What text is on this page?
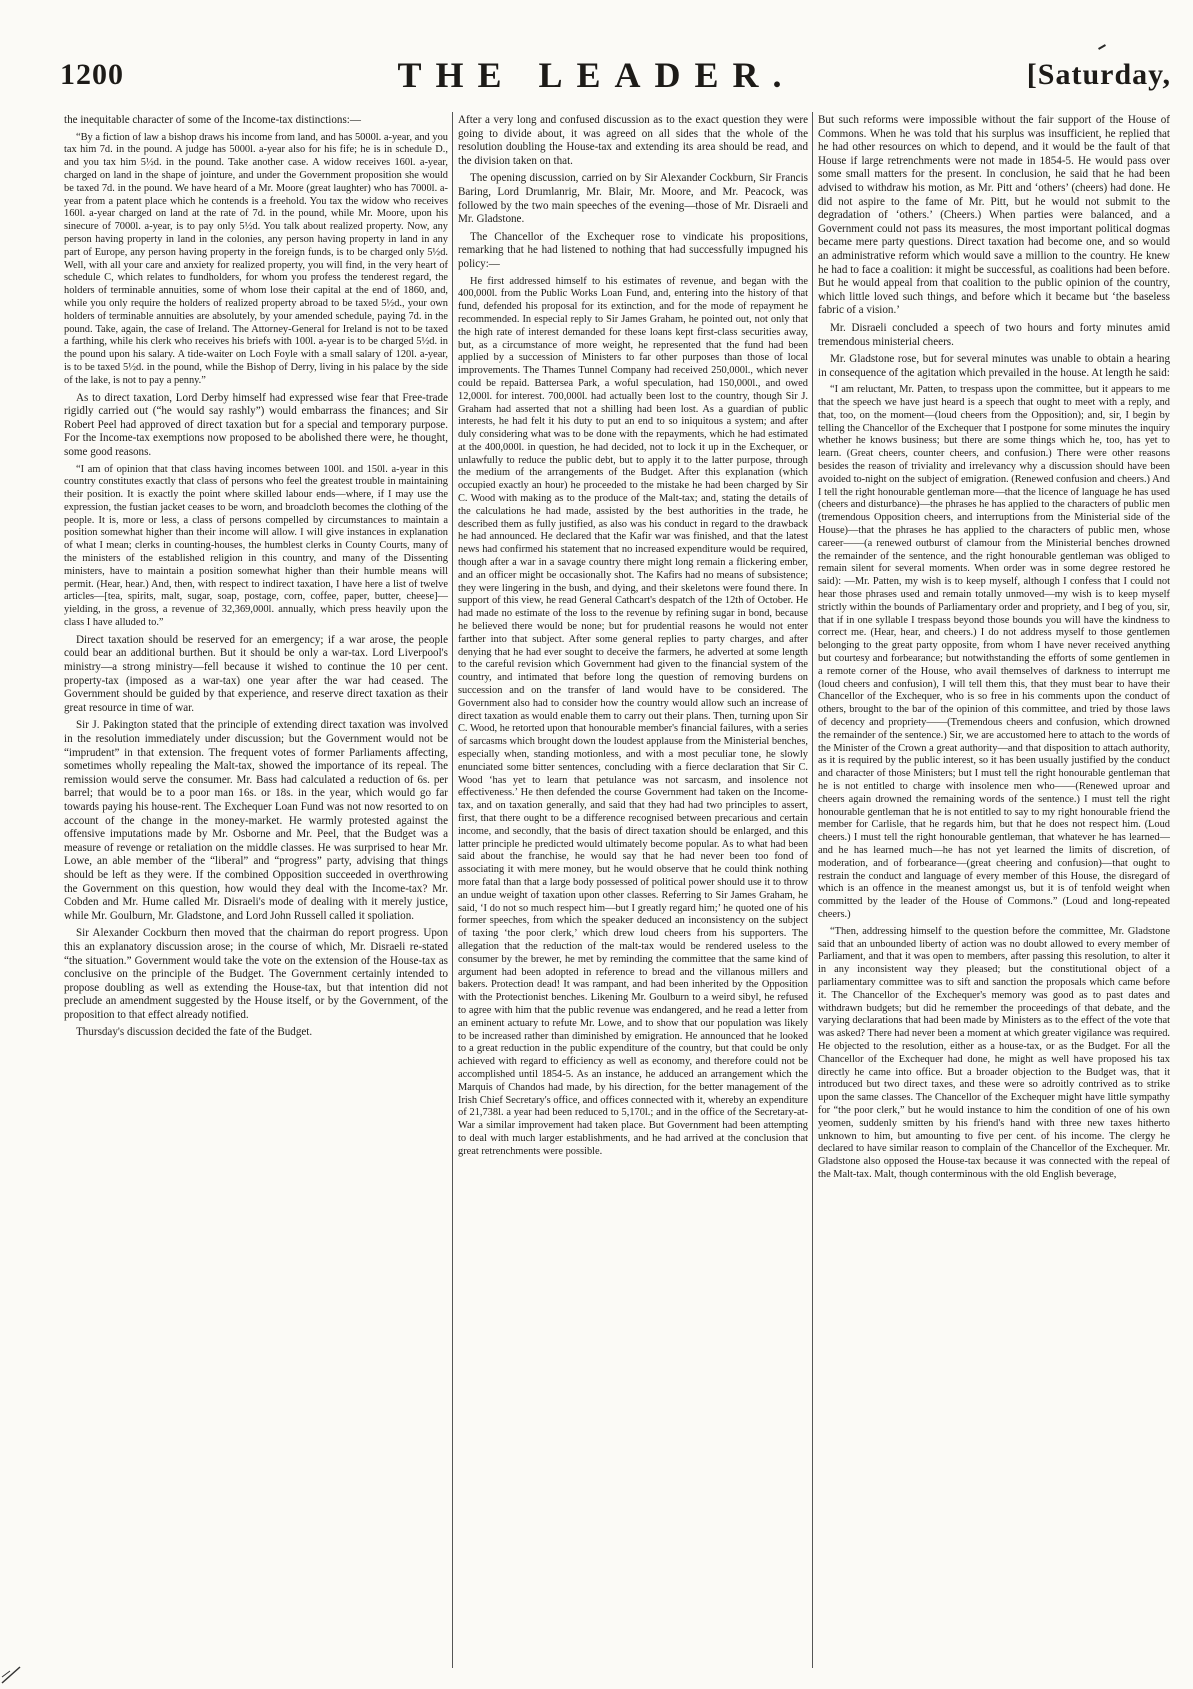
1200	THE LEADER.	[Saturday,

the inequitable character of some of the Income-tax distinctions:—

“By a fiction of law a bishop draws his income from land, and has 5000l. a-year, and you tax him 7d. in the pound. A judge has 5000l. a-year also for his fife; he is in schedule D., and you tax him 5½d. in the pound. Take another case. A widow receives 160l. a-year, charged on land in the shape of jointure, and under the Government proposition she would be taxed 7d. in the pound. We have heard of a Mr. Moore (great laughter) who has 7000l. a-year from a patent place which he contends is a freehold. You tax the widow who receives 160l. a-year charged on land at the rate of 7d. in the pound, while Mr. Moore, upon his sinecure of 7000l. a-year, is to pay only 5½d. You talk about realized property. Now, any person having property in land in the colonies, any person having property in land in any part of Europe, any person having property in the foreign funds, is to be charged only 5½d. Well, with all your care and anxiety for realized property, you will find, in the very heart of schedule C, which relates to fundholders, for whom you profess the tenderest regard, the holders of terminable annuities, some of whom lose their capital at the end of 1860, and, while you only require the holders of realized property abroad to be taxed 5½d., your own holders of terminable annuities are absolutely, by your amended schedule, paying 7d. in the pound. Take, again, the case of Ireland. The Attorney-General for Ireland is not to be taxed a farthing, while his clerk who receives his briefs with 100l. a-year is to be charged 5½d. in the pound upon his salary. A tide-waiter on Loch Foyle with a small salary of 120l. a-year, is to be taxed 5½d. in the pound, while the Bishop of Derry, living in his palace by the side of the lake, is not to pay a penny.”

As to direct taxation, Lord Derby himself had expressed wise fear that Free-trade rigidly carried out (“he would say rashly”) would embarrass the finances; and Sir Robert Peel had approved of direct taxation but for a special and temporary purpose. For the Income-tax exemptions now proposed to be abolished there were, he thought, some good reasons.

“I am of opinion that that class having incomes between 100l. and 150l. a-year in this country constitutes exactly that class of persons who feel the greatest trouble in maintaining their position. It is exactly the point where skilled labour ends—where, if I may use the expression, the fustian jacket ceases to be worn, and broadcloth becomes the clothing of the people. It is, more or less, a class of persons compelled by circumstances to maintain a position somewhat higher than their income will allow. I will give instances in explanation of what I mean; clerks in counting-houses, the humblest clerks in County Courts, many of the ministers of the established religion in this country, and many of the Dissenting ministers, have to maintain a position somewhat higher than their humble means will permit. (Hear, hear.) And, then, with respect to indirect taxation, I have here a list of twelve articles—[tea, spirits, malt, sugar, soap, postage, corn, coffee, paper, butter, cheese]—yielding, in the gross, a revenue of 32,369,000l. annually, which press heavily upon the class I have alluded to.”

Direct taxation should be reserved for an emergency; if a war arose, the people could bear an additional burthen. But it should be only a war-tax. Lord Liverpool's ministry—a strong ministry—fell because it wished to continue the 10 per cent. property-tax (imposed as a war-tax) one year after the war had ceased. The Government should be guided by that experience, and reserve direct taxation as their great resource in time of war.

Sir J. Pakington stated that the principle of extending direct taxation was involved in the resolution immediately under discussion; but the Government would not be “imprudent” in that extension. The frequent votes of former Parliaments affecting, sometimes wholly repealing the Malt-tax, showed the importance of its repeal. The remission would serve the consumer. Mr. Bass had calculated a reduction of 6s. per barrel; that would be to a poor man 16s. or 18s. in the year, which would go far towards paying his house-rent. The Exchequer Loan Fund was not now resorted to on account of the change in the money-market. He warmly protested against the offensive imputations made by Mr. Osborne and Mr. Peel, that the Budget was a measure of revenge or retaliation on the middle classes. He was surprised to hear Mr. Lowe, an able member of the “liberal” and “progress” party, advising that things should be left as they were. If the combined Opposition succeeded in overthrowing the Government on this question, how would they deal with the Income-tax? Mr. Cobden and Mr. Hume called Mr. Disraeli's mode of dealing with it merely justice, while Mr. Goulburn, Mr. Gladstone, and Lord John Russell called it spoliation.

Sir Alexander Cockburn then moved that the chairman do report progress. Upon this an explanatory discussion arose; in the course of which, Mr. Disraeli re-stated “the situation.” Government would take the vote on the extension of the House-tax as conclusive on the principle of the Budget. The Government certainly intended to propose doubling as well as extending the House-tax, but that intention did not preclude an amendment suggested by the House itself, or by the Government, of the proposition to that effect already notified.

Thursday's discussion decided the fate of the Budget.

After a very long and confused discussion as to the exact question they were going to divide about, it was agreed on all sides that the whole of the resolution doubling the House-tax and extending its area should be read, and the division taken on that.

The opening discussion, carried on by Sir Alexander Cockburn, Sir Francis Baring, Lord Drumlanrig, Mr. Blair, Mr. Moore, and Mr. Peacock, was followed by the two main speeches of the evening—those of Mr. Disraeli and Mr. Gladstone.

The Chancellor of the Exchequer rose to vindicate his propositions, remarking that he had listened to nothing that had successfully impugned his policy:—

He first addressed himself to his estimates of revenue, and began with the 400,000l. from the Public Works Loan Fund, and, entering into the history of that fund, defended his proposal for its extinction, and for the mode of repayment he recommended. In especial reply to Sir James Graham, he pointed out, not only that the high rate of interest demanded for these loans kept first-class securities away, but, as a circumstance of more weight, he represented that the fund had been applied by a succession of Ministers to far other purposes than those of local improvements. The Thames Tunnel Company had received 250,000l., which never could be repaid. Battersea Park, a woful speculation, had 150,000l., and owed 12,000l. for interest. 700,000l. had actually been lost to the country, though Sir J. Graham had asserted that not a shilling had been lost. As a guardian of public interests, he had felt it his duty to put an end to so iniquitous a system; and after duly considering what was to be done with the repayments, which he had estimated at the 400,000l. in question, he had decided, not to lock it up in the Exchequer, or unlawfully to reduce the public debt, but to apply it to the latter purpose, through the medium of the arrangements of the Budget. After this explanation (which occupied exactly an hour) he proceeded to the mistake he had been charged by Sir C. Wood with making as to the produce of the Malt-tax; and, stating the details of the calculations he had made, assisted by the best authorities in the trade, he described them as fully justified, as also was his conduct in regard to the drawback he had announced. He declared that the Kafir war was finished, and that the latest news had confirmed his statement that no increased expenditure would be required, though after a war in a savage country there might long remain a flickering ember, and an officer might be occasionally shot. The Kafirs had no means of subsistence; they were lingering in the bush, and dying, and their skeletons were found there. In support of this view, he read General Cathcart's despatch of the 12th of October. He had made no estimate of the loss to the revenue by refining sugar in bond, because he believed there would be none; but for prudential reasons he would not enter farther into that subject. After some general replies to party charges, and after denying that he had ever sought to deceive the farmers, he adverted at some length to the careful revision which Government had given to the financial system of the country, and intimated that before long the question of removing burdens on succession and on the transfer of land would have to be considered. The Government also had to consider how the country would allow such an increase of direct taxation as would enable them to carry out their plans. Then, turning upon Sir C. Wood, he retorted upon that honourable member's financial failures, with a series of sarcasms which brought down the loudest applause from the Ministerial benches, especially when, standing motionless, and with a most peculiar tone, he slowly enunciated some bitter sentences, concluding with a fierce declaration that Sir C. Wood ‘has yet to learn that petulance was not sarcasm, and insolence not effectiveness.’ He then defended the course Government had taken on the Income-tax, and on taxation generally, and said that they had had two principles to assert, first, that there ought to be a difference recognised between precarious and certain income, and secondly, that the basis of direct taxation should be enlarged, and this latter principle he predicted would ultimately become popular. As to what had been said about the franchise, he would say that he had never been too fond of associating it with mere money, but he would observe that he could think nothing more fatal than that a large body possessed of political power should use it to throw an undue weight of taxation upon other classes. Referring to Sir James Graham, he said, ‘I do not so much respect him—but I greatly regard him;’ he quoted one of his former speeches, from which the speaker deduced an inconsistency on the subject of taxing ‘the poor clerk,’ which drew loud cheers from his supporters. The allegation that the reduction of the malt-tax would be rendered useless to the consumer by the brewer, he met by reminding the committee that the same kind of argument had been adopted in reference to bread and the villanous millers and bakers. Protection dead! It was rampant, and had been inherited by the Opposition with the Protectionist benches. Likening Mr. Goulburn to a weird sibyl, he refused to agree with him that the public revenue was endangered, and he read a letter from an eminent actuary to refute Mr. Lowe, and to show that our population was likely to be increased rather than diminished by emigration. He announced that he looked to a great reduction in the public expenditure of the country, but that could be only achieved with regard to efficiency as well as economy, and therefore could not be accomplished until 1854-5. As an instance, he adduced an arrangement which the Marquis of Chandos had made, by his direction, for the better management of the Irish Chief Secretary's office, and offices connected with it, whereby an expenditure of 21,738l. a year had been reduced to 5,170l.; and in the office of the Secretary-at-War a similar improvement had taken place. But Government had been attempting to deal with much larger establishments, and he had arrived at the conclusion that great retrenchments were possible.

But such reforms were impossible without the fair support of the House of Commons. When he was told that his surplus was insufficient, he replied that he had other resources on which to depend, and it would be the fault of that House if large retrenchments were not made in 1854-5. He would pass over some small matters for the present. In conclusion, he said that he had been advised to withdraw his motion, as Mr. Pitt and ‘others’ (cheers) had done. He did not aspire to the fame of Mr. Pitt, but he would not submit to the degradation of ‘others.’ (Cheers.) When parties were balanced, and a Government could not pass its measures, the most important political dogmas became mere party questions. Direct taxation had become one, and so would an administrative reform which would save a million to the country. He knew he had to face a coalition: it might be successful, as coalitions had been before. But he would appeal from that coalition to the public opinion of the country, which little loved such things, and before which it became but ‘the baseless fabric of a vision.’

Mr. Disraeli concluded a speech of two hours and forty minutes amid tremendous ministerial cheers.

Mr. Gladstone rose, but for several minutes was unable to obtain a hearing in consequence of the agitation which prevailed in the house. At length he said:

“I am reluctant, Mr. Patten, to trespass upon the committee, but it appears to me that the speech we have just heard is a speech that ought to meet with a reply, and that, too, on the moment—(loud cheers from the Opposition); and, sir, I begin by telling the Chancellor of the Exchequer that I postpone for some minutes the inquiry whether he knows business; but there are some things which he, too, has yet to learn. (Great cheers, counter cheers, and confusion.) There were other reasons besides the reason of triviality and irrelevancy why a discussion should have been avoided to-night on the subject of emigration. (Renewed confusion and cheers.) And I tell the right honourable gentleman more—that the licence of language he has used (cheers and disturbance)—the phrases he has applied to the characters of public men (tremendous Opposition cheers, and interruptions from the Ministerial side of the House)—that the phrases he has applied to the characters of public men, whose career——(a renewed outburst of clamour from the Ministerial benches drowned the remainder of the sentence, and the right honourable gentleman was obliged to remain silent for several moments. When order was in some degree restored he said): —Mr. Patten, my wish is to keep myself, although I confess that I could not hear those phrases used and remain totally unmoved—my wish is to keep myself strictly within the bounds of Parliamentary order and propriety, and I beg of you, sir, that if in one syllable I trespass beyond those bounds you will have the kindness to correct me. (Hear, hear, and cheers.) I do not address myself to those gentlemen belonging to the great party opposite, from whom I have never received anything but courtesy and forbearance; but notwithstanding the efforts of some gentlemen in a remote corner of the House, who avail themselves of darkness to interrupt me (loud cheers and confusion), I will tell them this, that they must bear to have their Chancellor of the Exchequer, who is so free in his comments upon the conduct of others, brought to the bar of the opinion of this committee, and tried by those laws of decency and propriety——(Tremendous cheers and confusion, which drowned the remainder of the sentence.) Sir, we are accustomed here to attach to the words of the Minister of the Crown a great authority—and that disposition to attach authority, as it is required by the public interest, so it has been usually justified by the conduct and character of those Ministers; but I must tell the right honourable gentleman that he is not entitled to charge with insolence men who——(Renewed uproar and cheers again drowned the remaining words of the sentence.) I must tell the right honourable gentleman that he is not entitled to say to my right honourable friend the member for Carlisle, that he regards him, but that he does not respect him. (Loud cheers.) I must tell the right honourable gentleman, that whatever he has learned—and he has learned much—he has not yet learned the limits of discretion, of moderation, and of forbearance—(great cheering and confusion)—that ought to restrain the conduct and language of every member of this House, the disregard of which is an offence in the meanest amongst us, but it is of tenfold weight when committed by the leader of the House of Commons.” (Loud and long-repeated cheers.)

“Then, addressing himself to the question before the committee, Mr. Gladstone said that an unbounded liberty of action was no doubt allowed to every member of Parliament, and that it was open to members, after passing this resolution, to alter it in any inconsistent way they pleased; but the constitutional object of a parliamentary committee was to sift and sanction the proposals which came before it. The Chancellor of the Exchequer's memory was good as to past dates and withdrawn budgets; but did he remember the proceedings of that debate, and the varying declarations that had been made by Ministers as to the effect of the vote that was asked? There had never been a moment at which greater vigilance was required. He objected to the resolution, either as a house-tax, or as the Budget. For all the Chancellor of the Exchequer had done, he might as well have proposed his tax directly he came into office. But a broader objection to the Budget was, that it introduced but two direct taxes, and these were so adroitly contrived as to strike upon the same classes. The Chancellor of the Exchequer might have little sympathy for “the poor clerk,” but he would instance to him the condition of one of his own yeomen, suddenly smitten by his friend's hand with three new taxes hitherto unknown to him, but amounting to five per cent. of his income. The clergy he declared to have similar reason to complain of the Chancellor of the Exchequer. Mr. Gladstone also opposed the House-tax because it was connected with the repeal of the Malt-tax. Malt, though conterminous with the old English beverage,
